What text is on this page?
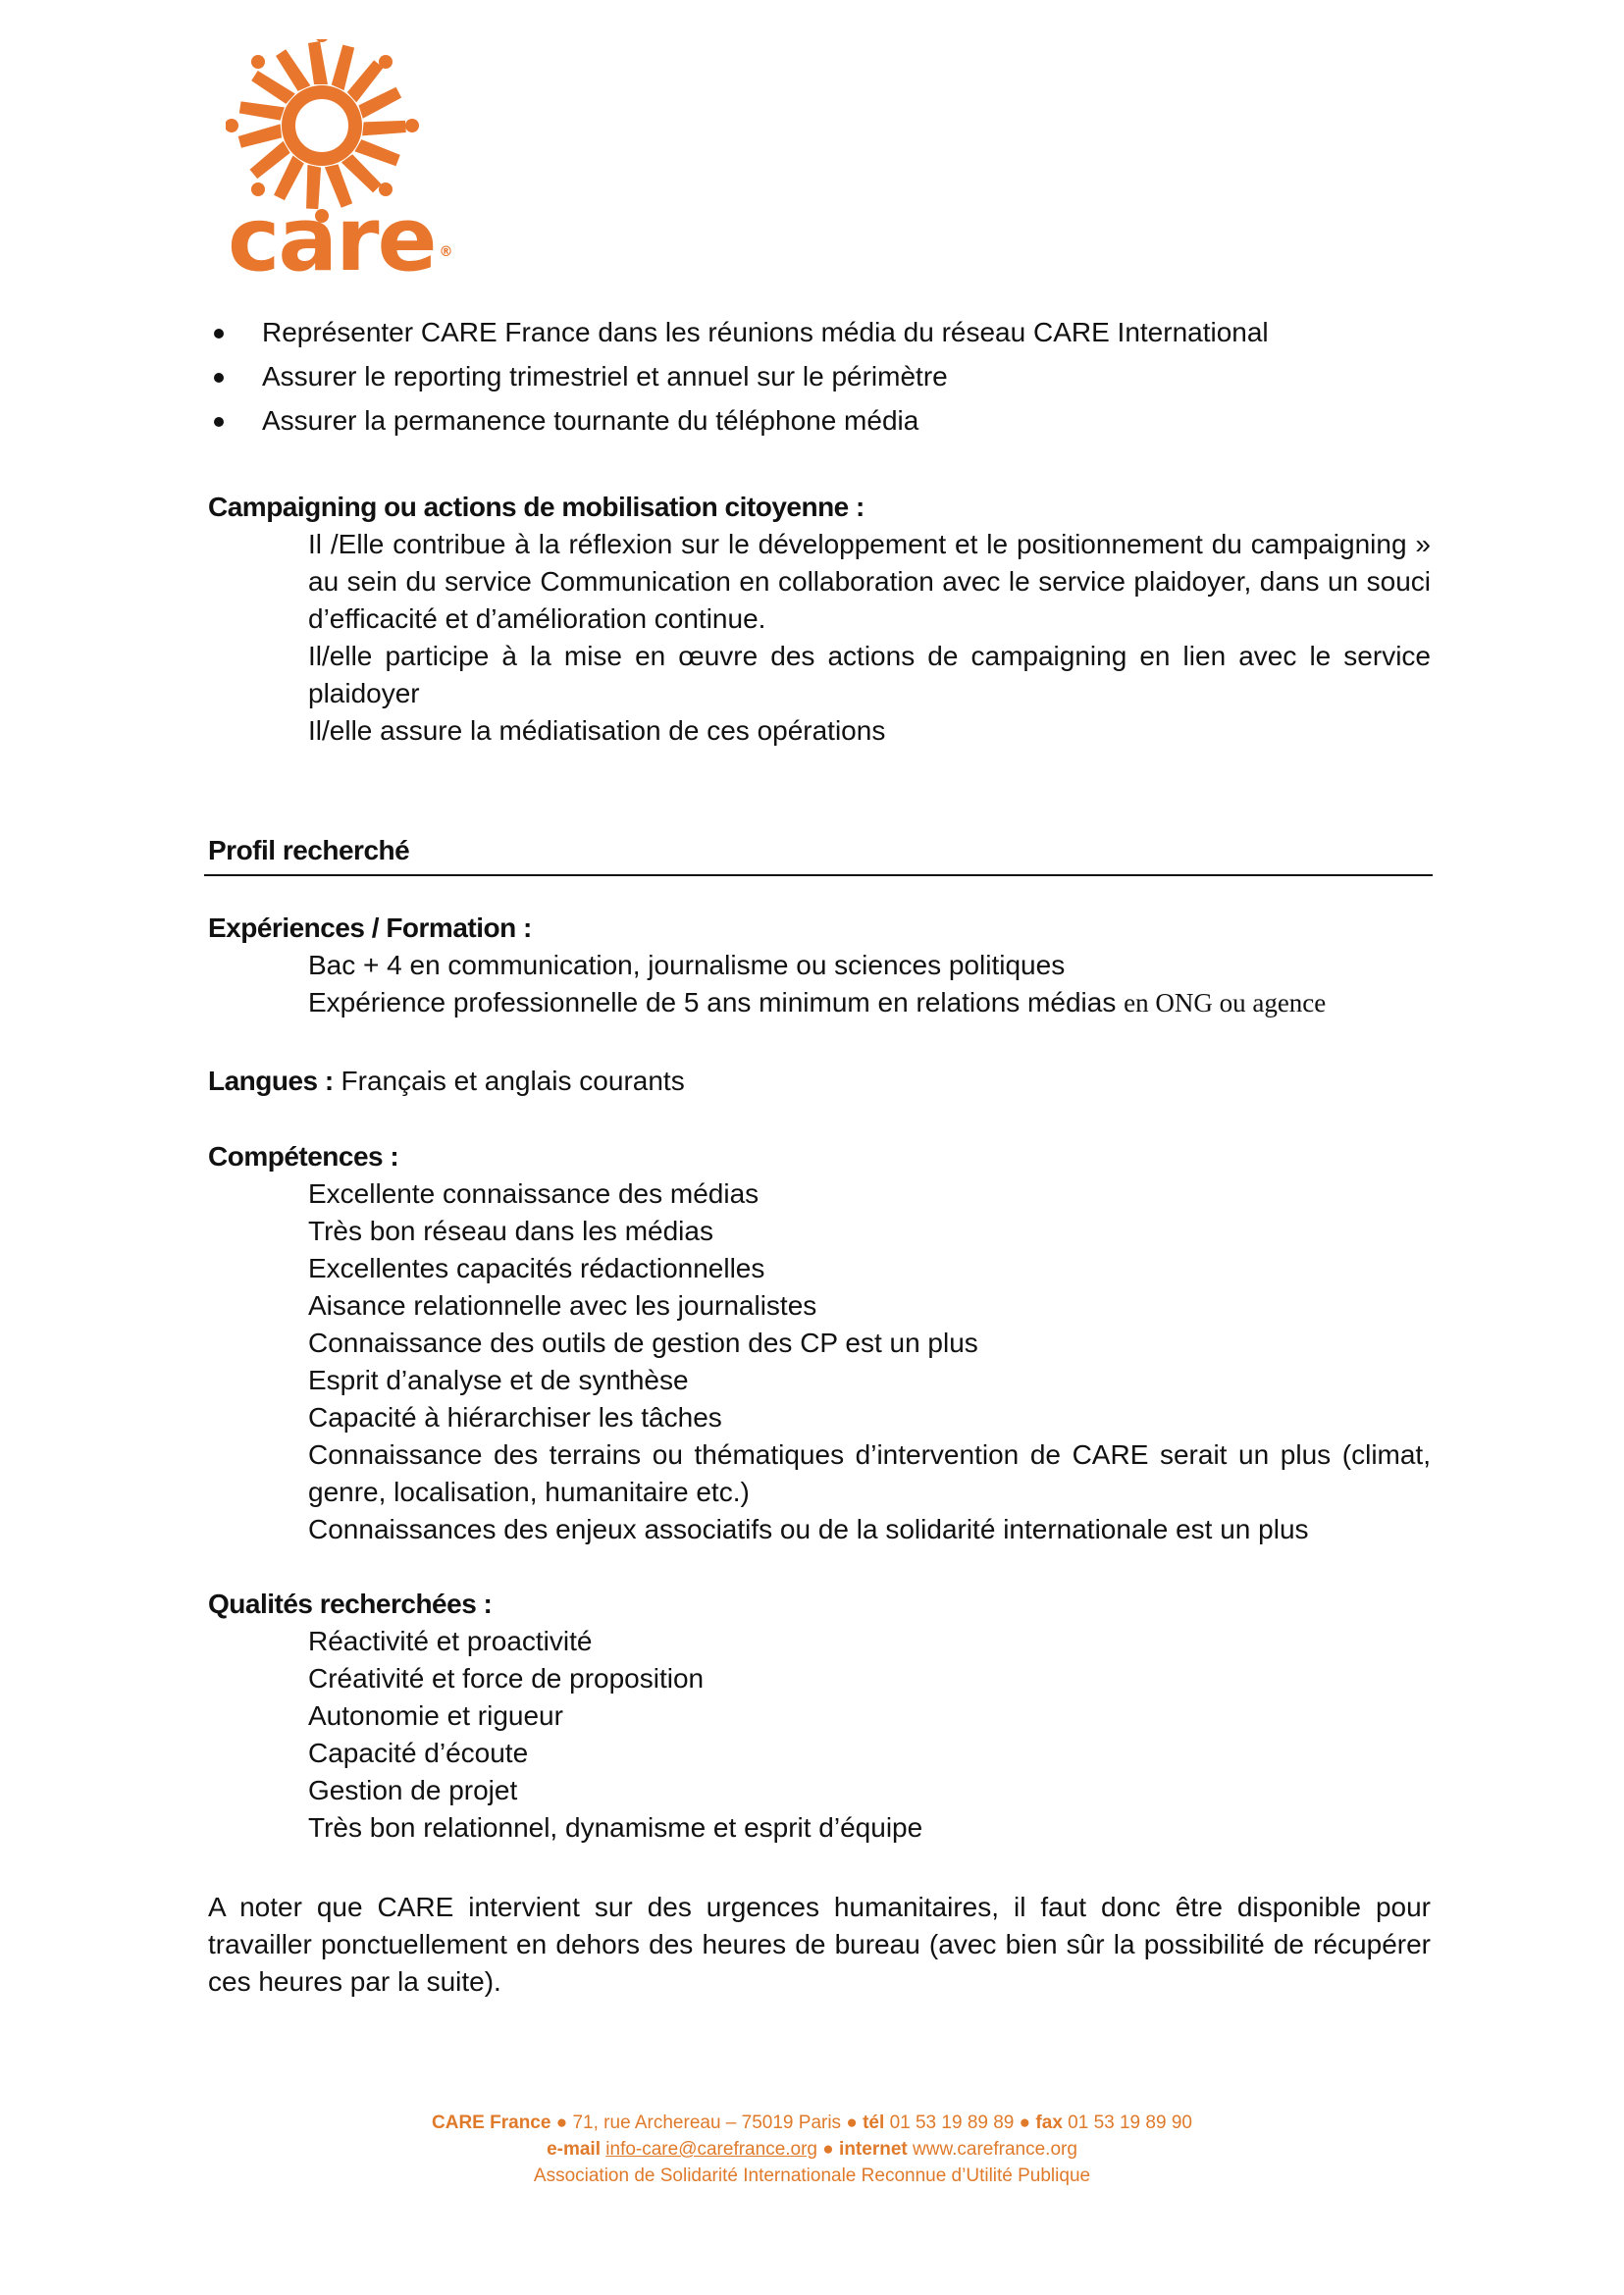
care ®
Représenter CARE France dans les réunions média du réseau CARE International
Assurer le reporting trimestriel et annuel sur le périmètre
Assurer la permanence tournante du téléphone média
Campaigning ou actions de mobilisation citoyenne :
Il /Elle contribue à la réflexion sur le développement et le positionnement du campaigning » au sein du service Communication en collaboration avec le service plaidoyer, dans un souci d’efficacité et d’amélioration continue.
Il/elle participe à la mise en œuvre des actions de campaigning en lien avec le service plaidoyer
Il/elle assure la médiatisation de ces opérations
Profil recherché
Expériences / Formation :
Bac + 4 en communication, journalisme ou sciences politiques
Expérience professionnelle de 5 ans minimum en relations médias en ONG ou agence
Langues : Français et anglais courants
Compétences :
Excellente connaissance des médias
Très bon réseau dans les médias
Excellentes capacités rédactionnelles
Aisance relationnelle avec les journalistes
Connaissance des outils de gestion des CP est un plus
Esprit d’analyse et de synthèse
Capacité à hiérarchiser les tâches
Connaissance des terrains ou thématiques d’intervention de CARE serait un plus (climat, genre, localisation, humanitaire etc.)
Connaissances des enjeux associatifs ou de la solidarité internationale est un plus
Qualités recherchées :
Réactivité et proactivité
Créativité et force de proposition
Autonomie et rigueur
Capacité d’écoute
Gestion de projet
Très bon relationnel, dynamisme et esprit d’équipe
A noter que CARE intervient sur des urgences humanitaires, il faut donc être disponible pour travailler ponctuellement en dehors des heures de bureau (avec bien sûr la possibilité de récupérer ces heures par la suite).
CARE France ● 71, rue Archereau – 75019 Paris ● tél 01 53 19 89 89 ● fax 01 53 19 89 90
e-mail info-care@carefrance.org ● internet www.carefrance.org
Association de Solidarité Internationale Reconnue d’Utilité Publique
